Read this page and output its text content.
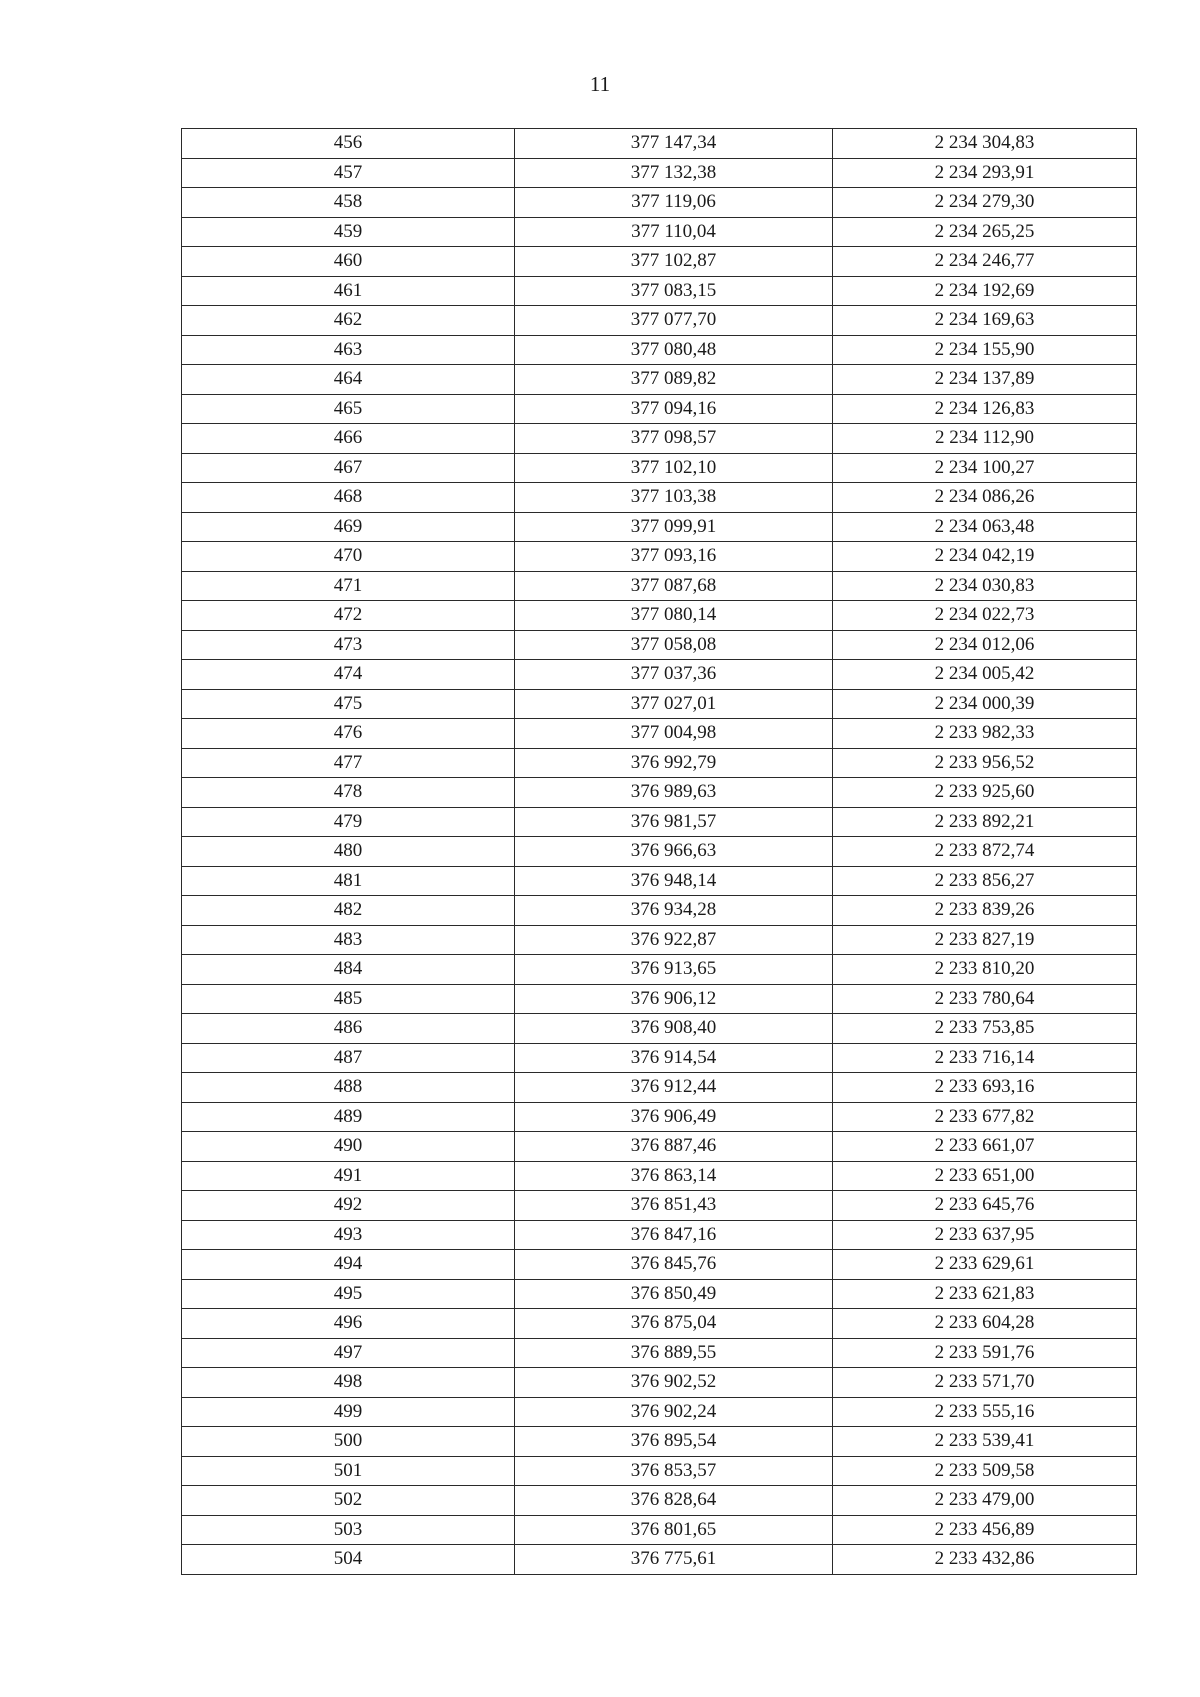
11
456	377 147,34	2 234 304,83
457	377 132,38	2 234 293,91
458	377 119,06	2 234 279,30
459	377 110,04	2 234 265,25
460	377 102,87	2 234 246,77
461	377 083,15	2 234 192,69
462	377 077,70	2 234 169,63
463	377 080,48	2 234 155,90
464	377 089,82	2 234 137,89
465	377 094,16	2 234 126,83
466	377 098,57	2 234 112,90
467	377 102,10	2 234 100,27
468	377 103,38	2 234 086,26
469	377 099,91	2 234 063,48
470	377 093,16	2 234 042,19
471	377 087,68	2 234 030,83
472	377 080,14	2 234 022,73
473	377 058,08	2 234 012,06
474	377 037,36	2 234 005,42
475	377 027,01	2 234 000,39
476	377 004,98	2 233 982,33
477	376 992,79	2 233 956,52
478	376 989,63	2 233 925,60
479	376 981,57	2 233 892,21
480	376 966,63	2 233 872,74
481	376 948,14	2 233 856,27
482	376 934,28	2 233 839,26
483	376 922,87	2 233 827,19
484	376 913,65	2 233 810,20
485	376 906,12	2 233 780,64
486	376 908,40	2 233 753,85
487	376 914,54	2 233 716,14
488	376 912,44	2 233 693,16
489	376 906,49	2 233 677,82
490	376 887,46	2 233 661,07
491	376 863,14	2 233 651,00
492	376 851,43	2 233 645,76
493	376 847,16	2 233 637,95
494	376 845,76	2 233 629,61
495	376 850,49	2 233 621,83
496	376 875,04	2 233 604,28
497	376 889,55	2 233 591,76
498	376 902,52	2 233 571,70
499	376 902,24	2 233 555,16
500	376 895,54	2 233 539,41
501	376 853,57	2 233 509,58
502	376 828,64	2 233 479,00
503	376 801,65	2 233 456,89
504	376 775,61	2 233 432,86
